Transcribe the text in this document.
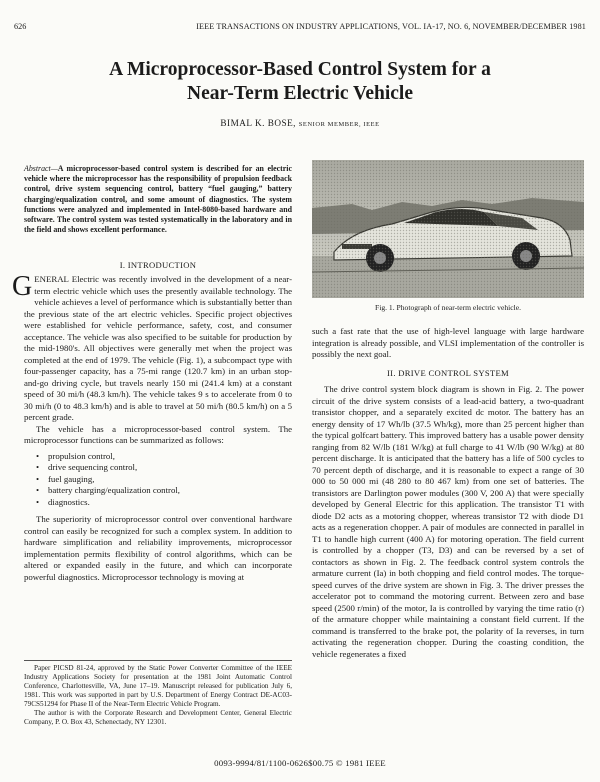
626	IEEE TRANSACTIONS ON INDUSTRY APPLICATIONS, VOL. IA-17, NO. 6, NOVEMBER/DECEMBER 1981
A Microprocessor-Based Control System for a
Near-Term Electric Vehicle
BIMAL K. BOSE, SENIOR MEMBER, IEEE
Abstract—A microprocessor-based control system is described for an electric vehicle where the microprocessor has the responsibility of propulsion feedback control, drive system sequencing control, battery “fuel gauging,” battery charging/equalization control, and some amount of diagnostics. The system functions were analyzed and implemented in Intel-8080-based hardware and software. The control system was tested systematically in the laboratory and in the field and shows excellent performance.
I. INTRODUCTION

GENERAL Electric was recently involved in the development of a near-term electric vehicle which uses the presently available technology. The vehicle achieves a level of performance which is substantially better than the previous state of the art electric vehicles. Specific project objectives were established for vehicle performance, safety, cost, and consumer acceptance. The vehicle was also specified to be suitable for production by the mid-1980's. All objectives were generally met when the project was completed at the end of 1979. The vehicle (Fig. 1), a subcompact type with four-passenger capacity, has a 75-mi range (120.7 km) in an urban stop-and-go driving cycle, but travels nearly 150 mi (241.4 km) at a constant speed of 30 mi/h (48.3 km/h). The vehicle takes 9 s to accelerate from 0 to 30 mi/h (0 to 48.3 km/h) and is able to travel at 50 mi/h (80.5 km/h) on a 5 percent grade.

The vehicle has a microprocessor-based control system. The microprocessor functions can be summarized as follows:

• propulsion control,
• drive sequencing control,
• fuel gauging,
• battery charging/equalization control,
• diagnostics.

The superiority of microprocessor control over conventional hardware control can easily be recognized for such a complex system. In addition to hardware simplification and reliability improvements, microprocessor implementation permits flexibility of control algorithms, which can be altered or expanded easily in the future, and which can incorporate powerful diagnostics. Microprocessor technology is moving at

Paper PICSD 81-24, approved by the Static Power Converter Committee of the IEEE Industry Applications Society for presentation at the 1981 Joint Automatic Control Conference, Charlottesville, VA, June 17–19. Manuscript released for publication July 6, 1981. This work was supported in part by U.S. Department of Energy Contract DE-AC03-79CS51294 for Phase II of the Near-Term Electric Vehicle Program.

The author is with the Corporate Research and Development Center, General Electric Company, P. O. Box 43, Schenectady, NY 12301.

Fig. 1. Photograph of near-term electric vehicle.

such a fast rate that the use of high-level language with large hardware integration is already possible, and VLSI implementation of the controller is possibly the next goal.

II. DRIVE CONTROL SYSTEM

The drive control system block diagram is shown in Fig. 2. The power circuit of the drive system consists of a lead-acid battery, a two-quadrant transistor chopper, and a separately excited dc motor. The battery has an energy density of 17 Wh/lb (37.5 Wh/kg), more than 25 percent higher than the typical golfcart battery. This improved battery has a usable power density ranging from 82 W/lb (181 W/kg) at full charge to 41 W/lb (90 W/kg) at 80 percent discharge. It is anticipated that the battery has a life of 500 cycles to 70 percent depth of discharge, and it is reasonable to expect a range of 30 000 to 50 000 mi (48 280 to 80 467 km) from one set of batteries. The transistors are Darlington power modules (300 V, 200 A) that were specially developed by General Electric for this application. The transistor T1 with diode D2 acts as a motoring chopper, whereas transistor T2 with diode D1 acts as a regeneration chopper. A pair of modules are connected in parallel in T1 to handle high current (400 A) for motoring operation. The field current is controlled by a chopper (T3, D3) and can be reversed by a set of contactors as shown in Fig. 2. The feedback control system controls the armature current (Ia) in both chopping and field control modes. The torque-speed curves of the drive system are shown in Fig. 3. The driver presses the accelerator pot to command the motoring current. Between zero and base speed (2500 r/min) of the motor, Ia is controlled by varying the time ratio (r) of the armature chopper while maintaining a constant field current. If the command is transferred to the brake pot, the polarity of Ia reverses, in turn activating the regeneration chopper. During the coasting condition, the vehicle regenerates a fixed

0093-9994/81/1100-0626$00.75 © 1981 IEEE
